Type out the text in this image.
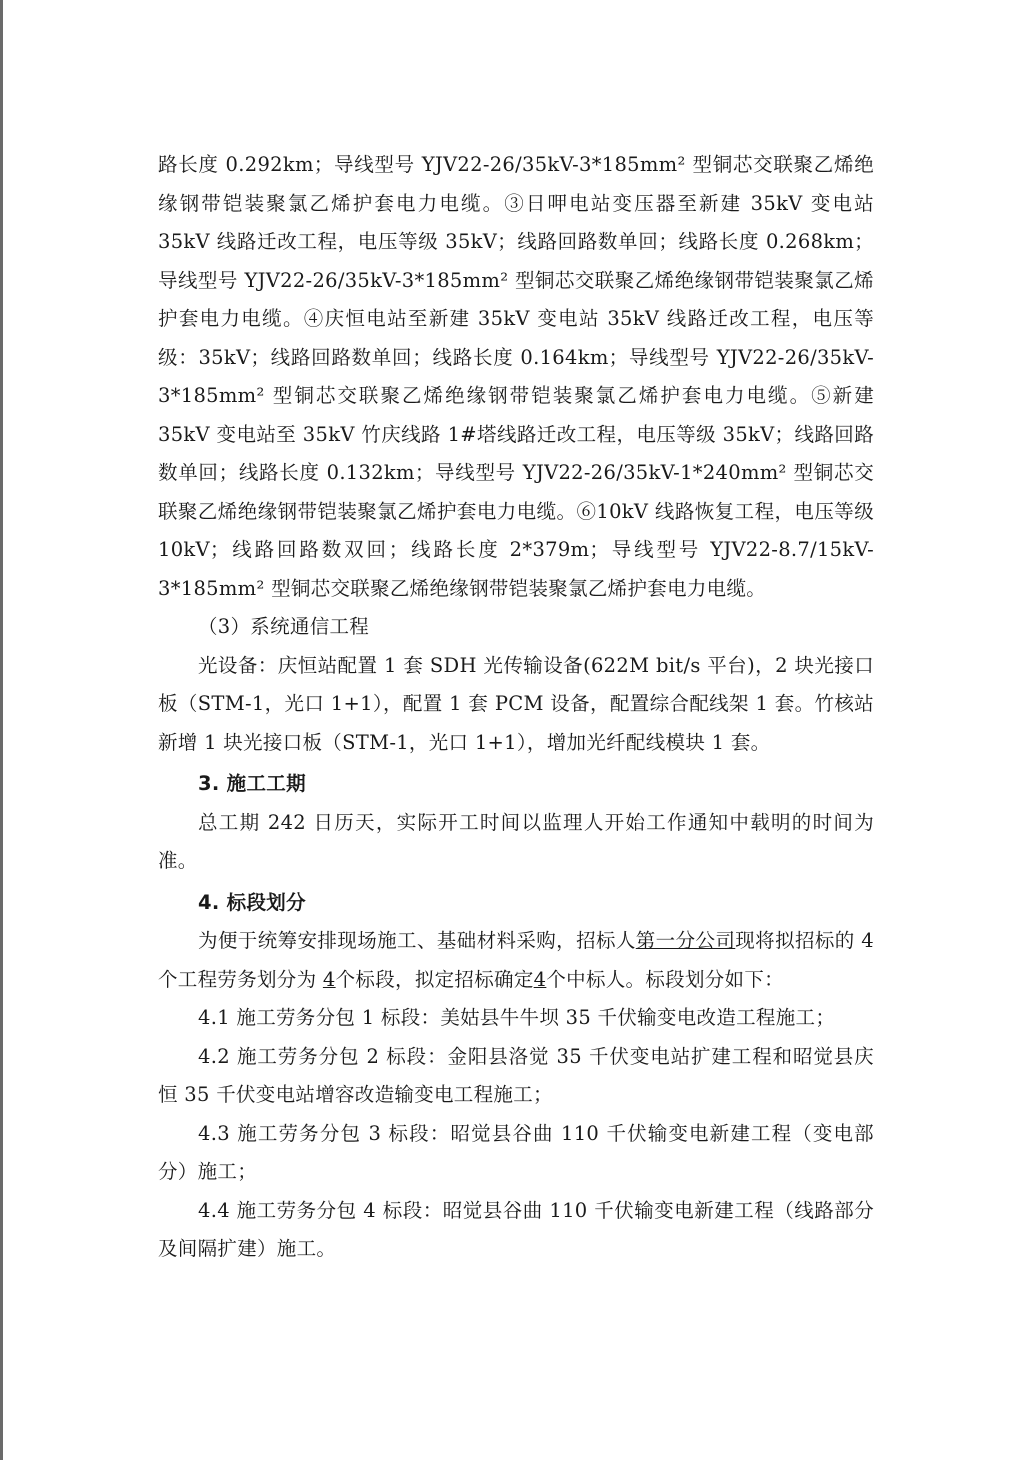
路长度 0.292km；导线型号 YJV22-26/35kV-3*185mm² 型铜芯交联聚乙烯绝缘钢带铠装聚氯乙烯护套电力电缆。③日呷电站变压器至新建 35kV 变电站 35kV 线路迁改工程，电压等级 35kV；线路回路数单回；线路长度 0.268km；导线型号 YJV22-26/35kV-3*185mm² 型铜芯交联聚乙烯绝缘钢带铠装聚氯乙烯护套电力电缆。④庆恒电站至新建 35kV 变电站 35kV 线路迁改工程，电压等级：35kV；线路回路数单回；线路长度 0.164km；导线型号 YJV22-26/35kV-3*185mm² 型铜芯交联聚乙烯绝缘钢带铠装聚氯乙烯护套电力电缆。⑤新建 35kV 变电站至 35kV 竹庆线路 1#塔线路迁改工程，电压等级 35kV；线路回路数单回；线路长度 0.132km；导线型号 YJV22-26/35kV-1*240mm² 型铜芯交联聚乙烯绝缘钢带铠装聚氯乙烯护套电力电缆。⑥10kV 线路恢复工程，电压等级 10kV；线路回路数双回；线路长度 2*379m；导线型号 YJV22-8.7/15kV-3*185mm² 型铜芯交联聚乙烯绝缘钢带铠装聚氯乙烯护套电力电缆。

（3）系统通信工程

光设备：庆恒站配置 1 套 SDH 光传输设备(622M bit/s 平台)，2 块光接口板（STM-1，光口 1+1），配置 1 套 PCM 设备，配置综合配线架 1 套。竹核站新增 1 块光接口板（STM-1，光口 1+1），增加光纤配线模块 1 套。

3. 施工工期

总工期 242 日历天，实际开工时间以监理人开始工作通知中载明的时间为准。

4. 标段划分

为便于统筹安排现场施工、基础材料采购，招标人第一分公司现将拟招标的 4个工程劳务划分为 4个标段，拟定招标确定4个中标人。标段划分如下：

4.1 施工劳务分包 1 标段：美姑县牛牛坝 35 千伏输变电改造工程施工；

4.2 施工劳务分包 2 标段：金阳县洛觉 35 千伏变电站扩建工程和昭觉县庆恒 35 千伏变电站增容改造输变电工程施工；

4.3 施工劳务分包 3 标段：昭觉县谷曲 110 千伏输变电新建工程（变电部分）施工；

4.4 施工劳务分包 4 标段：昭觉县谷曲 110 千伏输变电新建工程（线路部分及间隔扩建）施工。
